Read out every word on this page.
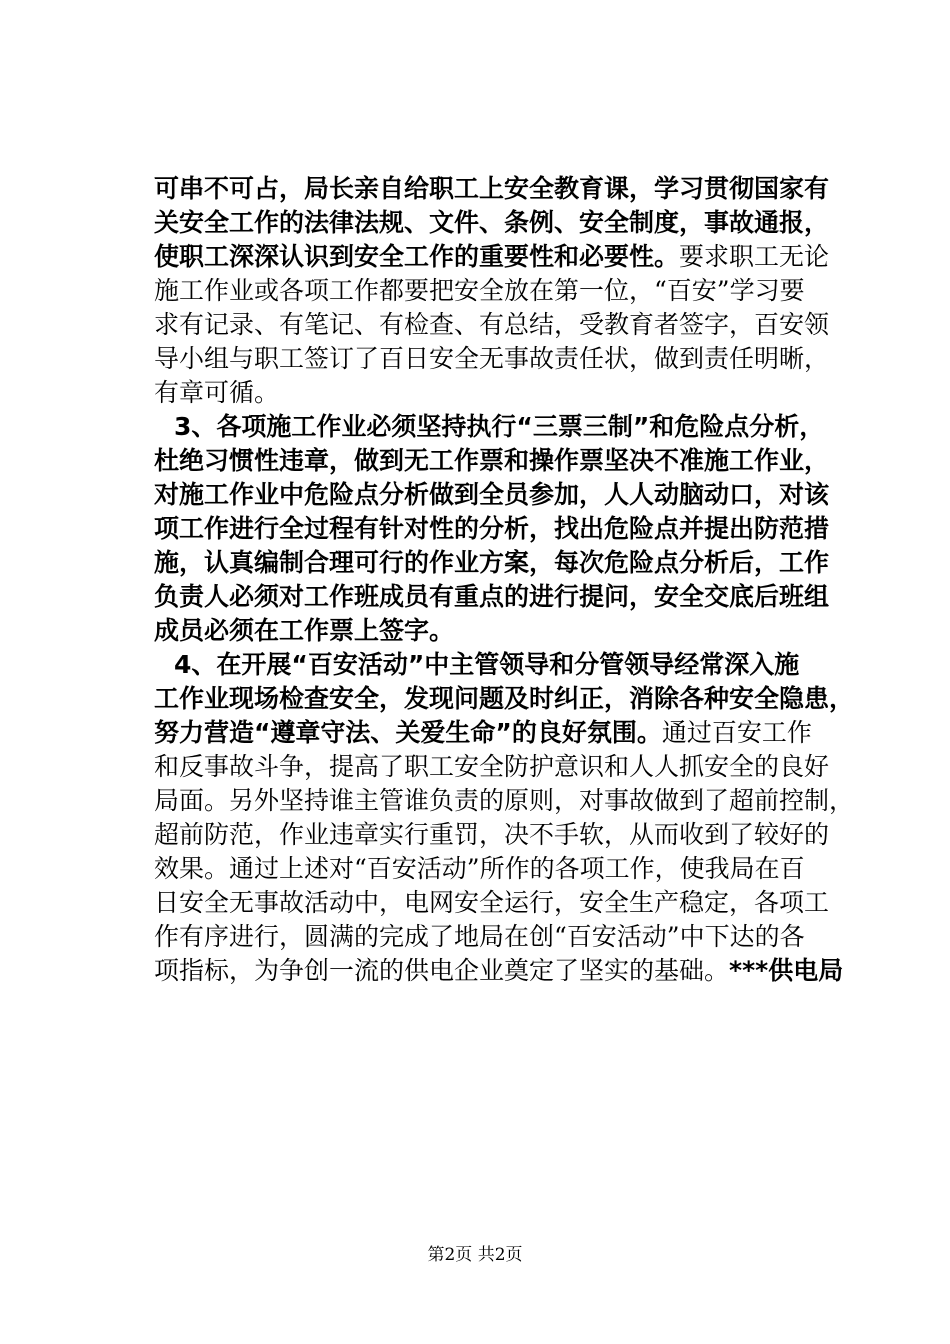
可串不可占，局长亲自给职工上安全教育课，学习贯彻国家有
关安全工作的法律法规、文件、条例、安全制度，事故通报，
使职工深深认识到安全工作的重要性和必要性。要求职工无论
施工作业或各项工作都要把安全放在第一位，“百安”学习要
求有记录、有笔记、有检查、有总结，受教育者签字，百安领
导小组与职工签订了百日安全无事故责任状，做到责任明晰，
有章可循。
3、各项施工作业必须坚持执行“三票三制”和危险点分析，
杜绝习惯性违章，做到无工作票和操作票坚决不准施工作业，
对施工作业中危险点分析做到全员参加，人人动脑动口，对该
项工作进行全过程有针对性的分析，找出危险点并提出防范措
施，认真编制合理可行的作业方案，每次危险点分析后，工作
负责人必须对工作班成员有重点的进行提问，安全交底后班组
成员必须在工作票上签字。
4、在开展“百安活动”中主管领导和分管领导经常深入施
工作业现场检查安全，发现问题及时纠正，消除各种安全隐患，
努力营造“遵章守法、关爱生命”的良好氛围。通过百安工作
和反事故斗争，提高了职工安全防护意识和人人抓安全的良好
局面。另外坚持谁主管谁负责的原则，对事故做到了超前控制，
超前防范，作业违章实行重罚，决不手软，从而收到了较好的
效果。通过上述对“百安活动”所作的各项工作，使我局在百
日安全无事故活动中，电网安全运行，安全生产稳定，各项工
作有序进行，圆满的完成了地局在创“百安活动”中下达的各
项指标，为争创一流的供电企业奠定了坚实的基础。***供电局
第2页 共2页
